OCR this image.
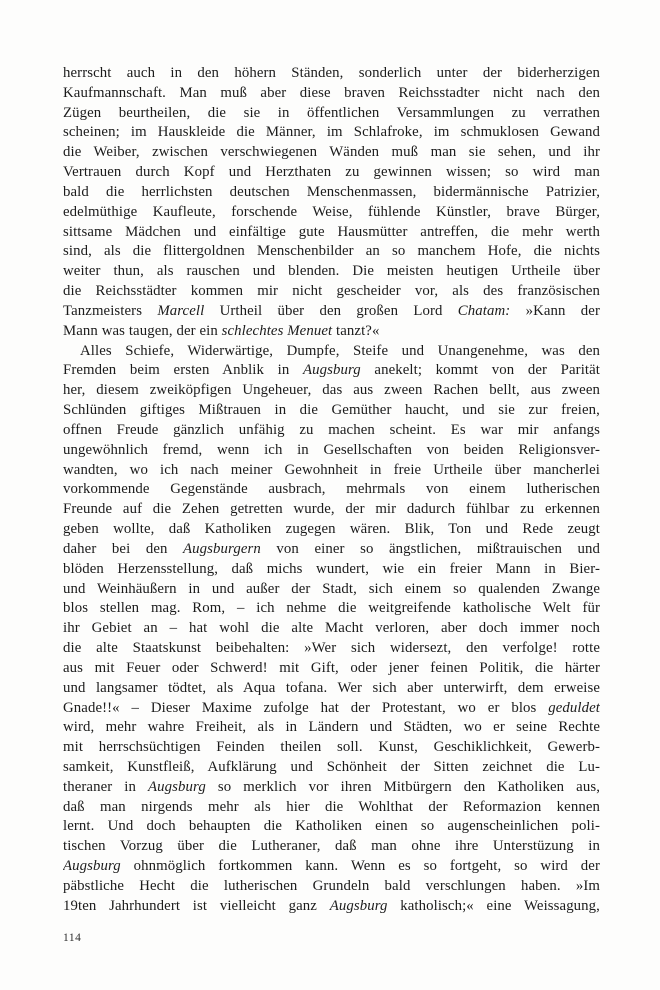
herrscht auch in den höhern Ständen, sonderlich unter der biderherzigen
Kaufmannschaft. Man muß aber diese braven Reichsstadter nicht nach den
Zügen beurtheilen, die sie in öffentlichen Versammlungen zu verrathen
scheinen; im Hauskleide die Männer, im Schlafroke, im schmuklosen Gewand
die Weiber, zwischen verschwiegenen Wänden muß man sie sehen, und ihr
Vertrauen durch Kopf und Herzthaten zu gewinnen wissen; so wird man
bald die herrlichsten deutschen Menschenmassen, bidermännische Patrizier,
edelmüthige Kaufleute, forschende Weise, fühlende Künstler, brave Bürger,
sittsame Mädchen und einfältige gute Hausmütter antreffen, die mehr werth
sind, als die flittergoldnen Menschenbilder an so manchem Hofe, die nichts
weiter thun, als rauschen und blenden. Die meisten heutigen Urtheile über
die Reichsstädter kommen mir nicht gescheider vor, als des französischen
Tanzmeisters Marcell Urtheil über den großen Lord Chatam: »Kann der
Mann was taugen, der ein schlechtes Menuet tanzt?«
Alles Schiefe, Widerwärtige, Dumpfe, Steife und Unangenehme, was den
Fremden beim ersten Anblik in Augsburg anekelt; kommt von der Parität
her, diesem zweiköpfigen Ungeheuer, das aus zween Rachen bellt, aus zween
Schlünden giftiges Mißtrauen in die Gemüther haucht, und sie zur freien,
offnen Freude gänzlich unfähig zu machen scheint. Es war mir anfangs
ungewöhnlich fremd, wenn ich in Gesellschaften von beiden Religionsver-
wandten, wo ich nach meiner Gewohnheit in freie Urtheile über mancherlei
vorkommende Gegenstände ausbrach, mehrmals von einem lutherischen
Freunde auf die Zehen getretten wurde, der mir dadurch fühlbar zu erkennen
geben wollte, daß Katholiken zugegen wären. Blik, Ton und Rede zeugt
daher bei den Augsburgern von einer so ängstlichen, mißtrauischen und
blöden Herzensstellung, daß michs wundert, wie ein freier Mann in Bier-
und Weinhäußern in und außer der Stadt, sich einem so qualenden Zwange
blos stellen mag. Rom, – ich nehme die weitgreifende katholische Welt für
ihr Gebiet an – hat wohl die alte Macht verloren, aber doch immer noch
die alte Staatskunst beibehalten: »Wer sich widersezt, den verfolge! rotte
aus mit Feuer oder Schwerd! mit Gift, oder jener feinen Politik, die härter
und langsamer tödtet, als Aqua tofana. Wer sich aber unterwirft, dem erweise
Gnade!!« – Dieser Maxime zufolge hat der Protestant, wo er blos geduldet
wird, mehr wahre Freiheit, als in Ländern und Städten, wo er seine Rechte
mit herrschsüchtigen Feinden theilen soll. Kunst, Geschiklichkeit, Gewerb-
samkeit, Kunstfleiß, Aufklärung und Schönheit der Sitten zeichnet die Lu-
theraner in Augsburg so merklich vor ihren Mitbürgern den Katholiken aus,
daß man nirgends mehr als hier die Wohlthat der Reformazion kennen
lernt. Und doch behaupten die Katholiken einen so augenscheinlichen poli-
tischen Vorzug über die Lutheraner, daß man ohne ihre Unterstüzung in
Augsburg ohnmöglich fortkommen kann. Wenn es so fortgeht, so wird der
päbstliche Hecht die lutherischen Grundeln bald verschlungen haben. »Im
19ten Jahrhundert ist vielleicht ganz Augsburg katholisch;« eine Weissagung,
114
